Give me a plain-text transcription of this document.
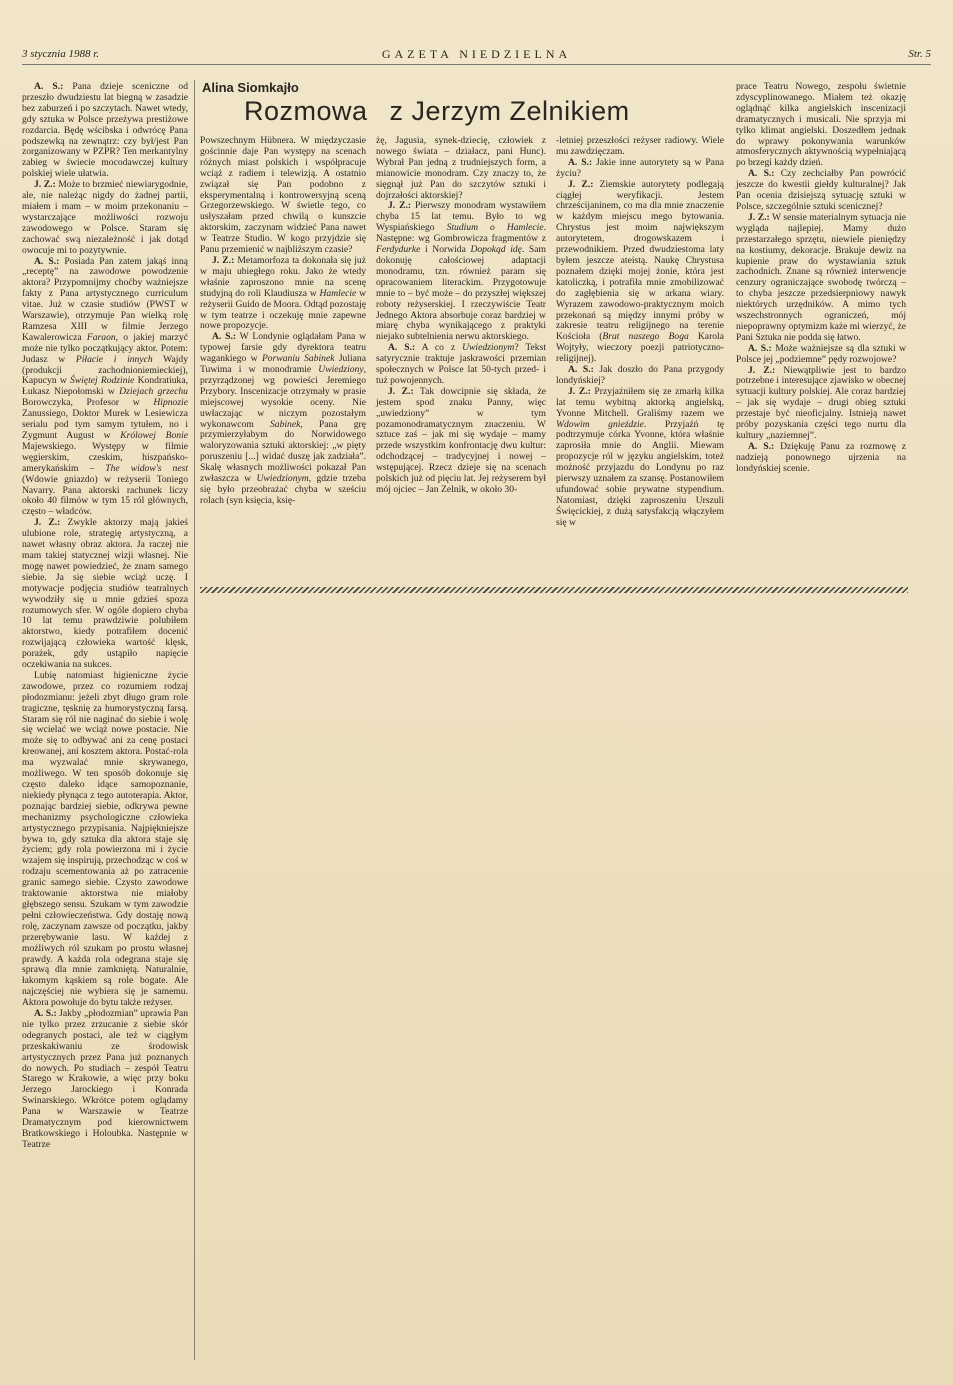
3 stycznia 1988 r.	GAZETA NIEDZIELNA	Str. 5

A. S.: Pana dzieje sceniczne od przeszło dwudziestu lat biegną w zasadzie bez zaburzeń i po szczytach. Nawet wtedy, gdy sztuka w Polsce przeżywa prestiżowe rozdarcia. Będę wścibska i odwrócę Pana podszewką na zewnątrz: czy był/jest Pan zorganizowany w PZPR? Ten merkantylny zabieg w świecie mocodawczej kultury polskiej wiele ułatwia.

J. Z.: Może to brzmieć niewiarygodnie, ale, nie należąc nigdy do żadnej partii, miałem i mam – w moim przekonaniu – wystarczające możliwości rozwoju zawodowego w Polsce. Staram się zachować swą niezależność i jak dotąd owocuje mi to pozytywnie.

A. S.: Posiada Pan zatem jakąś inną „receptę” na zawodowe powodzenie aktora? Przypomnijmy choćby ważniejsze fakty z Pana artystycznego curriculum vitae. Już w czasie studiów (PWST w Warszawie), otrzymuje Pan wielką rolę Ramzesa XIII w filmie Jerzego Kawalerowicza Faraon, o jakiej marzyć może nie tylko początkujący aktor. Potem: Judasz w Piłacie i innych Wajdy (produkcji zachodnioniemieckiej), Kapucyn w Świętej Rodzinie Kondratiuka, Łukasz Niepołomski w Dziejach grzechu Borowczyka, Profesor w Hipnozie Zanussiego, Doktor Murek w Lesiewicza serialu pod tym samym tytułem, no i Zygmunt August w Królowej Bonie Majewskiego. Występy w filmie węgierskim, czeskim, hiszpańsko-amerykańskim – The widow's nest (Wdowie gniazdo) w reżyserii Toniego Navarry. Pana aktorski rachunek liczy około 40 filmów w tym 15 ról głównych, często – władców.

J. Z.: Zwykle aktorzy mają jakieś ulubione role, strategię artystyczną, a nawet własny obraz aktora. Ja raczej nie mam takiej statycznej wizji własnej. Nie mogę nawet powiedzieć, że znam samego siebie. Ja się siebie wciąż uczę. I motywacje podjęcia studiów teatralnych wywodziły się u mnie gdzieś spoza rozumowych sfer. W ogóle dopiero chyba 10 lat temu prawdziwie polubiłem aktorstwo, kiedy potrafiłem docenić rozwijającą człowieka wartość klęsk, porażek, gdy ustąpiło napięcie oczekiwania na sukces.

Lubię natomiast higieniczne życie zawodowe, przez co rozumiem rodzaj płodozmianu: jeżeli zbyt długo gram role tragiczne, tęsknię za humorystyczną farsą. Staram się ról nie naginać do siebie i wolę się wcielać we wciąż nowe postacie. Nie może się to odbywać ani za cenę postaci kreowanej, ani kosztem aktora. Postać-rola ma wyzwalać mnie skrywanego, możliwego. W ten sposób dokonuje się często daleko idące samopoznanie, niekiedy płynąca z tego autoterapia. Aktor, poznając bardziej siebie, odkrywa pewne mechanizmy psychologiczne człowieka artystycznego przypisania. Najpiękniejsze bywa to, gdy sztuka dla aktora staje się życiem; gdy rola powierzona mi i życie wzajem się inspirują, przechodząc w coś w rodzaju scementowania aż po zatracenie granic samego siebie. Czysto zawodowe traktowanie aktorstwa nie miałoby głębszego sensu. Szukam w tym zawodzie pełni człowieczeństwa. Gdy dostaję nową rolę, zaczynam zawsze od początku, jakby przerębywanie lasu. W każdej z możliwych ról szukam po prostu własnej prawdy. A każda rola odegrana staje się sprawą dla mnie zamkniętą. Naturalnie, łakomym kąskiem są role bogate. Ale najczęściej nie wybiera się je samemu. Aktora powołuje do bytu także reżyser.

A. S.: Jakby „płodozmian” uprawia Pan nie tylko przez zrzucanie z siebie skór odegranych postaci, ale też w ciągłym przeskakiwaniu ze środowisk artystycznych przez Pana już poznanych do nowych. Po studiach – zespół Teatru Starego w Krakowie, a więc przy boku Jerzego Jarockiego i Konrada Swinarskiego. Wkrótce potem oglądamy Pana w Warszawie w Teatrze Dramatycznym pod kierownictwem Bratkowskiego i Holoubka. Następnie w Teatrze

Alina Siomkajło
Rozmowa z Jerzym Zelnikiem

Powszechnym Hübnera. W międzyczasie gościnnie daje Pan występy na scenach różnych miast polskich i współpracuje wciąż z radiem i telewizją. A ostatnio związał się Pan podobno z eksperymentalną i kontrowersyjną sceną Grzegorzewskiego. W świetle tego, co usłyszałam przed chwilą o kunszcie aktorskim, zaczynam widzieć Pana nawet w Teatrze Studio. W kogo przyjdzie się Panu przemienić w najbliższym czasie?

J. Z.: Metamorfoza ta dokonała się już w maju ubiegłego roku. Jako że wtedy właśnie zaproszono mnie na scenę studyjną do roli Klaudiusza w Hamlecie w reżyserii Guido de Moora. Odtąd pozostaję w tym teatrze i oczekuję mnie zapewne nowe propozycje.

A. S.: W Londynie oglądałam Pana w typowej farsie gdy dyrektora teatru wagankiego w Porwaniu Sabinek Juliana Tuwima i w monodramie Uwiedziony, przyrządzonej wg powieści Jeremiego Przybory. Inscenizacje otrzymały w prasie miejscowej wysokie oceny. Nie uwłaczając w niczym pozostałym wykonawcom Sabinek, Pana grę przymierzyłabym do Norwidowego waloryzowania sztuki aktorskiej: „w pięty poruszeniu [...] widać duszę jak zadziała”. Skalę własnych możliwości pokazał Pan zwłaszcza w Uwiedzionym, gdzie trzeba się było przeobrażać chyba w sześciu rolach (syn księcia, księ-

żę, Jagusia, synek-dziecię, człowiek z nowego świata – działacz, pani Hunc). Wybrał Pan jedną z trudniejszych form, a mianowicie monodram. Czy znaczy to, że sięgnął już Pan do szczytów sztuki i dojrzałości aktorskiej?

J. Z.: Pierwszy monodram wystawiłem chyba 15 lat temu. Było to wg Wyspiańskiego Studium o Hamlecie. Następne: wg Gombrowicza fragmentów z Ferdydurke i Norwida Dopokąd idę. Sam dokonuję całościowej adaptacji monodramu, tzn. również param się opracowaniem literackim. Przygotowuje mnie to – być może – do przyszłej większej roboty reżyserskiej. I rzeczywiście Teatr Jednego Aktora absorbuje coraz bardziej w miarę chyba wynikającego z praktyki niejako subtelnienia nerwu aktorskiego.

A. S.: A co z Uwiedzionym? Tekst satyrycznie traktuje jaskrawości przemian społecznych w Polsce lat 50-tych przed- i tuż powojennych.

J. Z.: Tak dowcipnie się składa, że jestem spod znaku Panny, więc „uwiedziony” w tym pozamonodramatycznym znaczeniu. W sztuce zaś – jak mi się wydaje – mamy przede wszystkim konfrontację dwu kultur: odchodzącej – tradycyjnej i nowej – wstępującej. Rzecz dzieje się na scenach polskich już od pięciu lat. Jej reżyserem był mój ojciec – Jan Zelnik, w około 30-

-letniej przeszłości reżyser radiowy. Wiele mu zawdzięczam.

A. S.: Jakie inne autorytety są w Pana życiu?

J. Z.: Ziemskie autorytety podlegają ciągłej weryfikacji. Jestem chrześcijaninem, co ma dla mnie znaczenie w każdym miejscu mego bytowania. Chrystus jest moim największym autorytetem, drogowskazem i przewodnikiem. Przed dwudziestoma laty byłem jeszcze ateistą. Naukę Chrystusa poznałem dzięki mojej żonie, która jest katoliczką, i potrafiła mnie zmobilizować do zagłębienia się w arkana wiary. Wyrazem zawodowo-praktycznym moich przekonań są między innymi próby w zakresie teatru religijnego na terenie Kościoła (Brat naszego Boga Karola Wojtyły, wieczory poezji patriotyczno-religijnej).

A. S.: Jak doszło do Pana przygody londyńskiej?

J. Z.: Przyjaźniłem się ze zmarłą kilka lat temu wybitną aktorką angielską, Yvonne Mitchell. Graliśmy razem we Wdowim gnieździe. Przyjaźń tę podtrzymuje córka Yvonne, która właśnie zaprosiła mnie do Anglii. Miewam propozycje ról w języku angielskim, toteż możność przyjazdu do Londynu po raz pierwszy uznałem za szansę. Postanowiłem ufundować sobie prywatne stypendium. Natomiast, dzięki zaproszeniu Urszuli Święcickiej, z dużą satysfakcją włączyłem się w

prace Teatru Nowego, zespołu świetnie zdyscyplinowanego. Miałem też okazję oglądnąć kilka angielskich inscenizacji dramatycznych i musicali. Nie sprzyja mi tylko klimat angielski. Doszedłem jednak do wprawy pokonywania warunków atmosferycznych aktywnością wypełniającą po brzegi każdy dzień.

A. S.: Czy zechciałby Pan powrócić jeszcze do kwestii giełdy kulturalnej? Jak Pan ocenia dzisiejszą sytuację sztuki w Polsce, szczególnie sztuki scenicznej?

J. Z.: W sensie materialnym sytuacja nie wygląda najlepiej. Mamy dużo przestarzałego sprzętu, niewiele pieniędzy na kostiumy, dekoracje. Brakuje dewiz na kupienie praw do wystawiania sztuk zachodnich. Znane są również interwencje cenzury ograniczające swobodę twórczą – to chyba jeszcze przedsierpniowy nawyk niektórych urzędników. A mimo tych wszechstronnych ograniczeń, mój niepoprawny optymizm każe mi wierzyć, że Pani Sztuka nie podda się łatwo.

A. S.: Może ważniejsze są dla sztuki w Polsce jej „podziemne” pędy rozwojowe?

J. Z.: Niewątpliwie jest to bardzo potrzebne i interesujące zjawisko w obecnej sytuacji kultury polskiej. Ale coraz bardziej – jak się wydaje – drugi obieg sztuki przestaje być nieoficjalny. Istnieją nawet próby pozyskania części tego nurtu dla kultury „naziemnej”.

A. S.: Dziękuję Panu za rozmowę z nadzieją ponownego ujrzenia na londyńskiej scenie.
